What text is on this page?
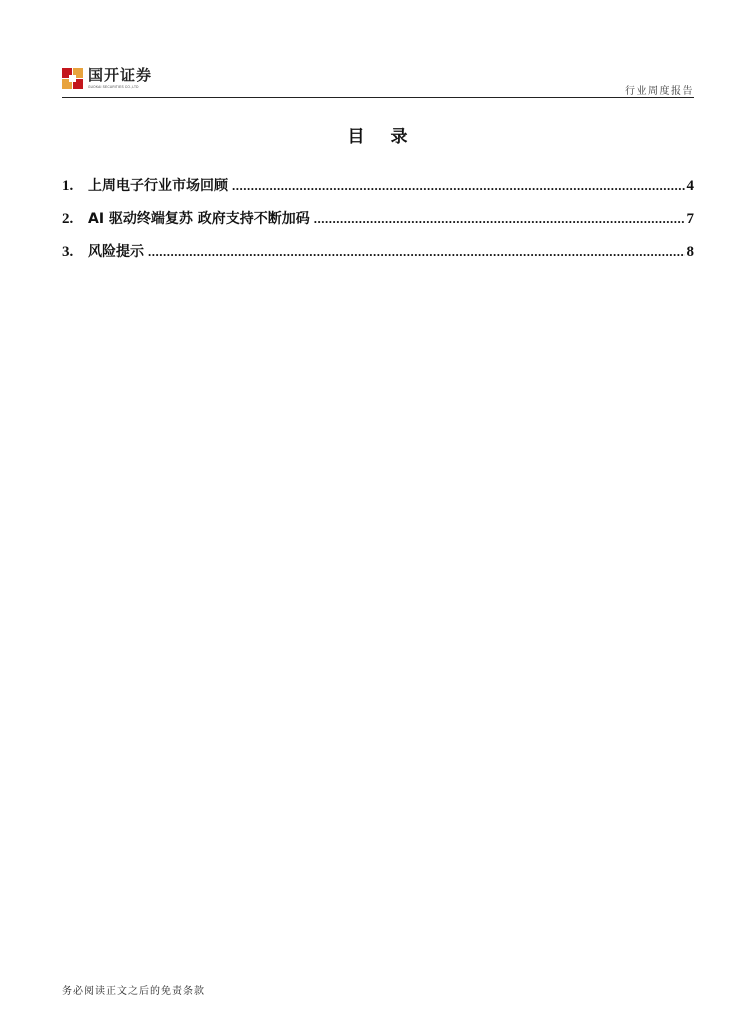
国开证券
GUOKAI SECURITIES CO.,LTD	行业周度报告
目 录
1.	上周电子行业市场回顾 .....	4
2.	AI 驱动终端复苏 政府支持不断加码 .....	7
3.	风险提示 .....	8
务必阅读正文之后的免责条款
